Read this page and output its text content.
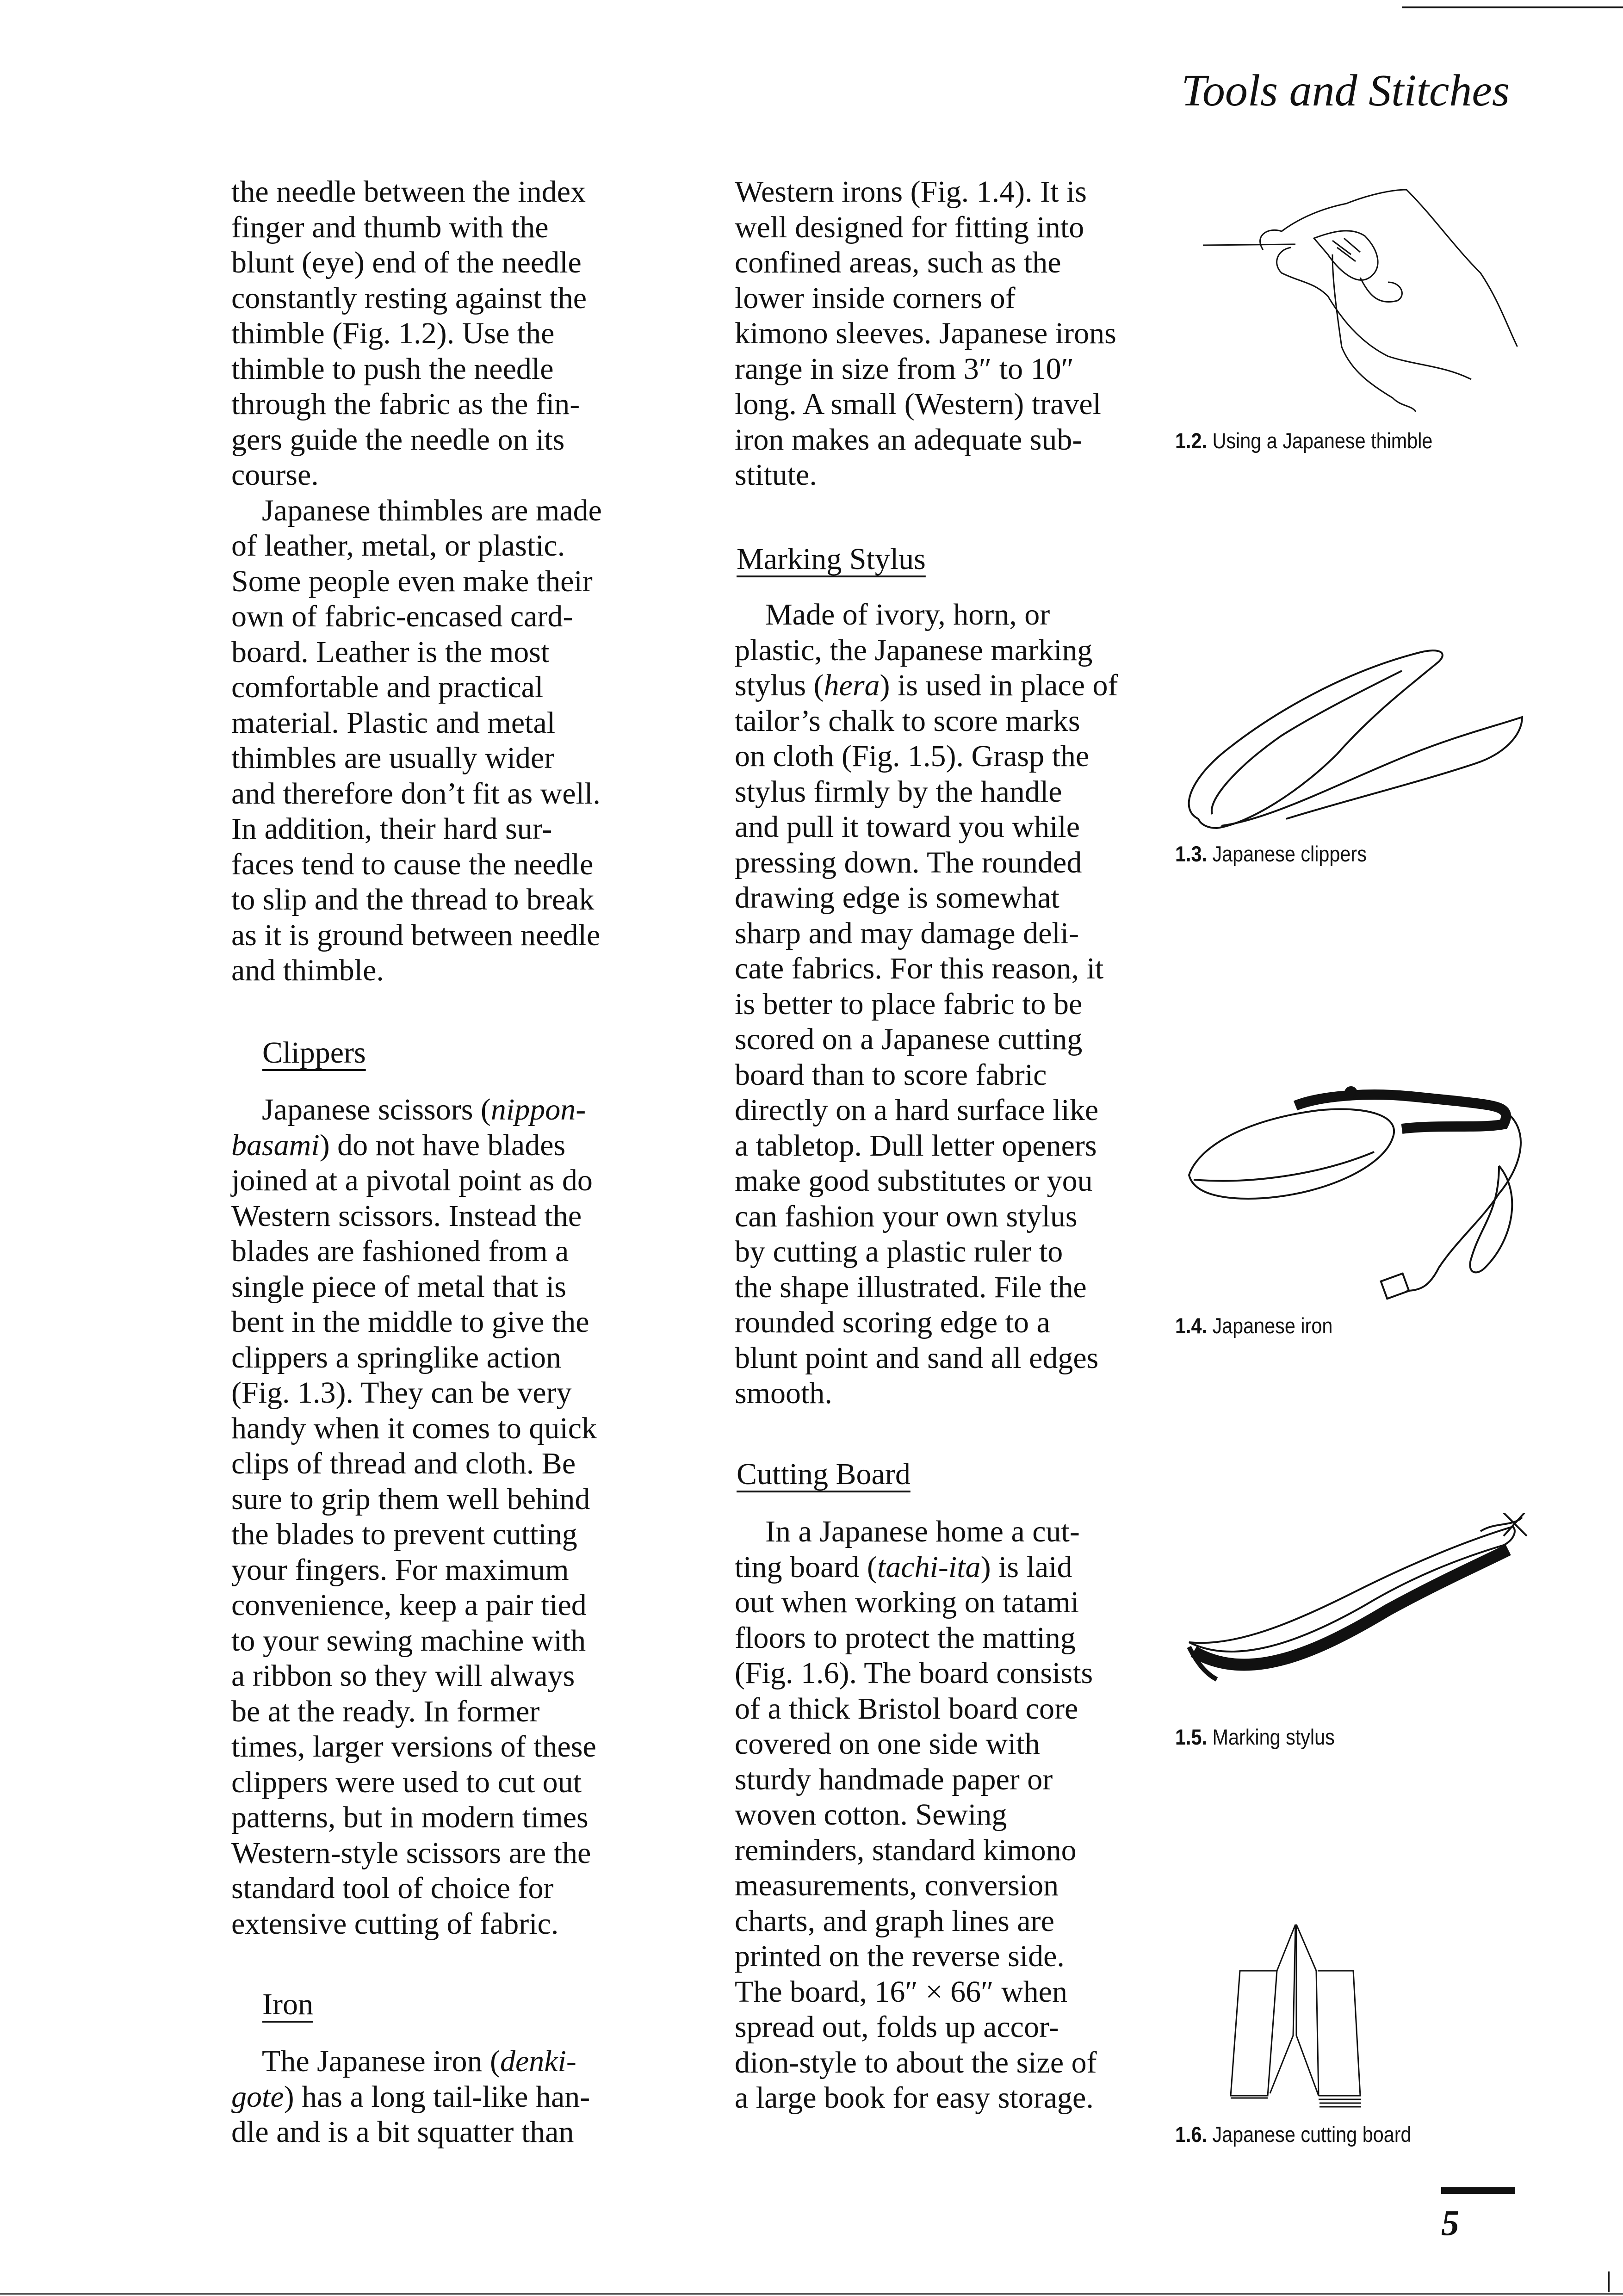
Tools and Stitches
the needle between the index
finger and thumb with the
blunt (eye) end of the needle
constantly resting against the
thimble (Fig. 1.2). Use the
thimble to push the needle
through the fabric as the fin-
gers guide the needle on its
course.
Japanese thimbles are made
of leather, metal, or plastic.
Some people even make their
own of fabric-encased card-
board. Leather is the most
comfortable and practical
material. Plastic and metal
thimbles are usually wider
and therefore don’t fit as well.
In addition, their hard sur-
faces tend to cause the needle
to slip and the thread to break
as it is ground between needle
and thimble.
Clippers
Japanese scissors (nippon-
basami) do not have blades
joined at a pivotal point as do
Western scissors. Instead the
blades are fashioned from a
single piece of metal that is
bent in the middle to give the
clippers a springlike action
(Fig. 1.3). They can be very
handy when it comes to quick
clips of thread and cloth. Be
sure to grip them well behind
the blades to prevent cutting
your fingers. For maximum
convenience, keep a pair tied
to your sewing machine with
a ribbon so they will always
be at the ready. In former
times, larger versions of these
clippers were used to cut out
patterns, but in modern times
Western-style scissors are the
standard tool of choice for
extensive cutting of fabric.
Iron
The Japanese iron (denki-
gote) has a long tail-like han-
dle and is a bit squatter than
Western irons (Fig. 1.4). It is
well designed for fitting into
confined areas, such as the
lower inside corners of
kimono sleeves. Japanese irons
range in size from 3″ to 10″
long. A small (Western) travel
iron makes an adequate sub-
stitute.
Marking Stylus
Made of ivory, horn, or
plastic, the Japanese marking
stylus (hera) is used in place of
tailor’s chalk to score marks
on cloth (Fig. 1.5). Grasp the
stylus firmly by the handle
and pull it toward you while
pressing down. The rounded
drawing edge is somewhat
sharp and may damage deli-
cate fabrics. For this reason, it
is better to place fabric to be
scored on a Japanese cutting
board than to score fabric
directly on a hard surface like
a tabletop. Dull letter openers
make good substitutes or you
can fashion your own stylus
by cutting a plastic ruler to
the shape illustrated. File the
rounded scoring edge to a
blunt point and sand all edges
smooth.
Cutting Board
In a Japanese home a cut-
ting board (tachi-ita) is laid
out when working on tatami
floors to protect the matting
(Fig. 1.6). The board consists
of a thick Bristol board core
covered on one side with
sturdy handmade paper or
woven cotton. Sewing
reminders, standard kimono
measurements, conversion
charts, and graph lines are
printed on the reverse side.
The board, 16″ × 66″ when
spread out, folds up accor-
dion-style to about the size of
a large book for easy storage.
1.2. Using a Japanese thimble
1.3. Japanese clippers
1.4. Japanese iron
1.5. Marking stylus
1.6. Japanese cutting board
5
